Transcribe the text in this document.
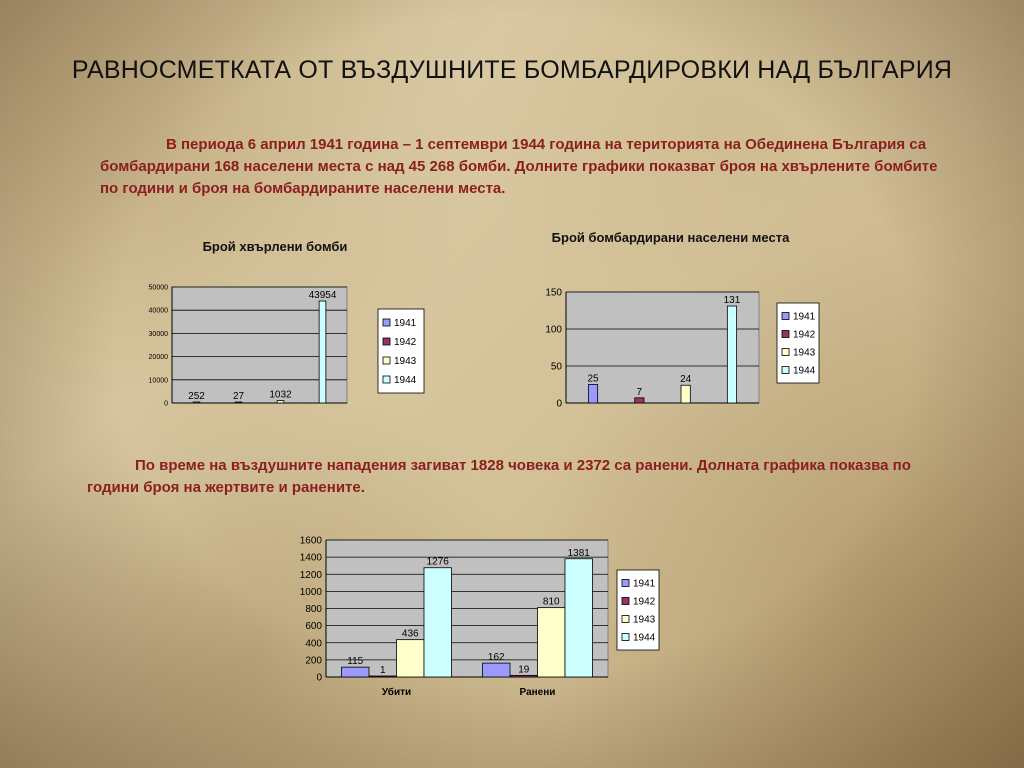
РАВНОСМЕТКАТА ОТ ВЪЗДУШНИТЕ БОМБАРДИРОВКИ НАД БЪЛГАРИЯ
В периода 6 април 1941 година – 1 септември 1944 година на територията на Обединена България са бомбардирани 168 населени места с над 45 268 бомби. Долните графики показват броя на хвърлените бомбите по години и броя на бомбардираните населени места.
Брой хвърлени бомби
Брой бомбардирани населени места
0
10000
20000
30000
40000
50000
252	27	1032
43954
1941
1942
1943
1944
0
50
100
150
25
7
24
131
1941
1942
1943
1944
По време на въздушните нападения загиват 1828 човека и 2372 са ранени. Долната графика показва по години броя на жертвите и ранените.
0
200
400
600
800
1000
1200
1400
1600
115
1
436
1276
Убити
162
19
810
1381
Ранени
1941
1942
1943
1944
